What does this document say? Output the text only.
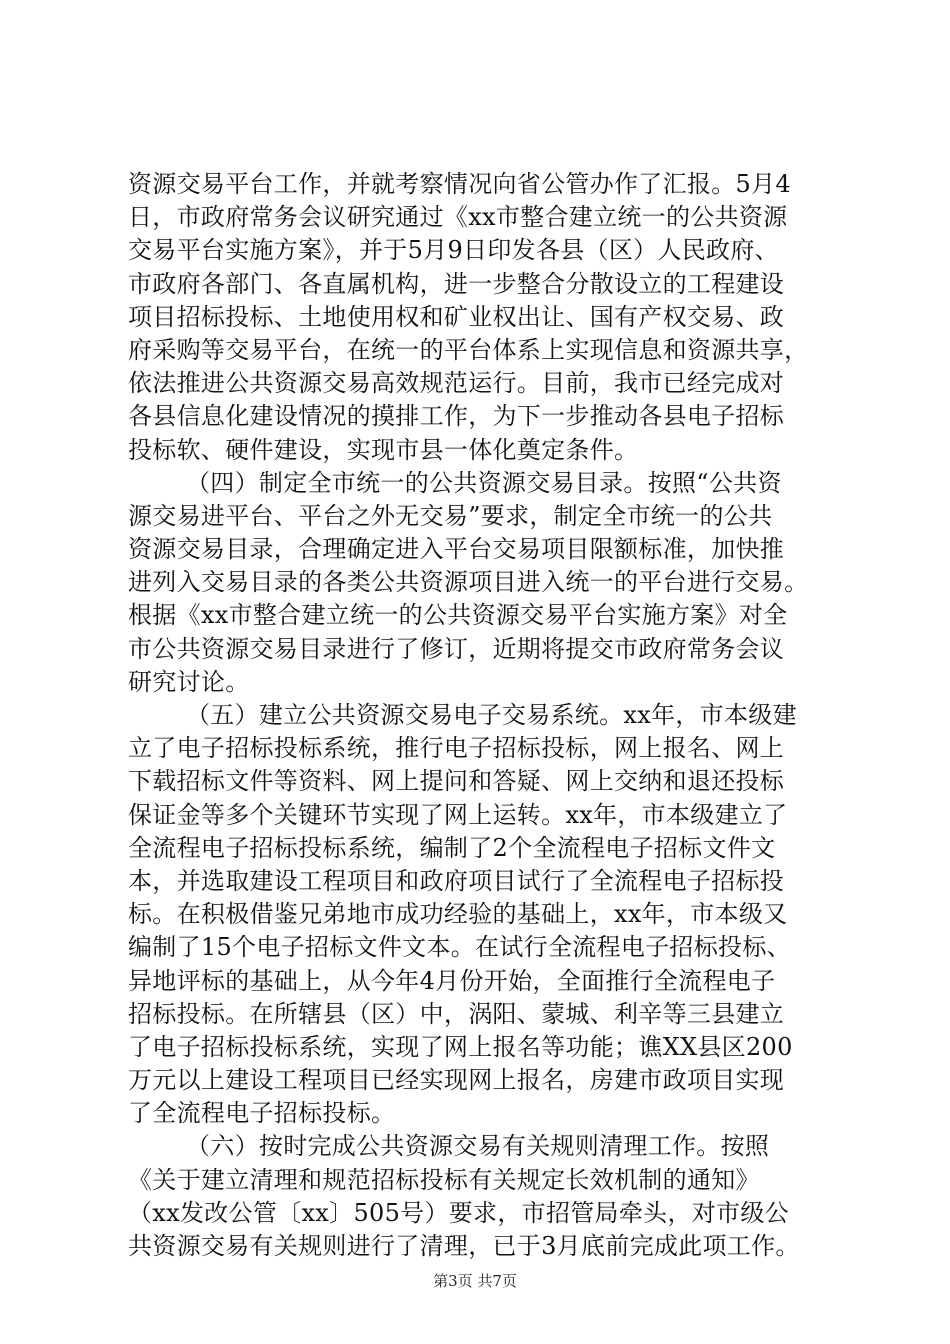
资源交易平台工作，并就考察情况向省公管办作了汇报。5月4
日，市政府常务会议研究通过《xx市整合建立统一的公共资源
交易平台实施方案》，并于5月9日印发各县（区）人民政府、
市政府各部门、各直属机构，进一步整合分散设立的工程建设
项目招标投标、土地使用权和矿业权出让、国有产权交易、政
府采购等交易平台，在统一的平台体系上实现信息和资源共享，
依法推进公共资源交易高效规范运行。目前，我市已经完成对
各县信息化建设情况的摸排工作，为下一步推动各县电子招标
投标软、硬件建设，实现市县一体化奠定条件。
（四）制定全市统一的公共资源交易目录。按照“公共资
源交易进平台、平台之外无交易”要求，制定全市统一的公共
资源交易目录，合理确定进入平台交易项目限额标准，加快推
进列入交易目录的各类公共资源项目进入统一的平台进行交易。
根据《xx市整合建立统一的公共资源交易平台实施方案》对全
市公共资源交易目录进行了修订，近期将提交市政府常务会议
研究讨论。
（五）建立公共资源交易电子交易系统。xx年，市本级建
立了电子招标投标系统，推行电子招标投标，网上报名、网上
下载招标文件等资料、网上提问和答疑、网上交纳和退还投标
保证金等多个关键环节实现了网上运转。xx年，市本级建立了
全流程电子招标投标系统，编制了2个全流程电子招标文件文
本，并选取建设工程项目和政府项目试行了全流程电子招标投
标。在积极借鉴兄弟地市成功经验的基础上，xx年，市本级又
编制了15个电子招标文件文本。在试行全流程电子招标投标、
异地评标的基础上，从今年4月份开始，全面推行全流程电子
招标投标。在所辖县（区）中，涡阳、蒙城、利辛等三县建立
了电子招标投标系统，实现了网上报名等功能；谯XX县区200
万元以上建设工程项目已经实现网上报名，房建市政项目实现
了全流程电子招标投标。
（六）按时完成公共资源交易有关规则清理工作。按照
《关于建立清理和规范招标投标有关规定长效机制的通知》
（xx发改公管〔xx〕505号）要求，市招管局牵头，对市级公
共资源交易有关规则进行了清理，已于3月底前完成此项工作。
第3页 共7页
